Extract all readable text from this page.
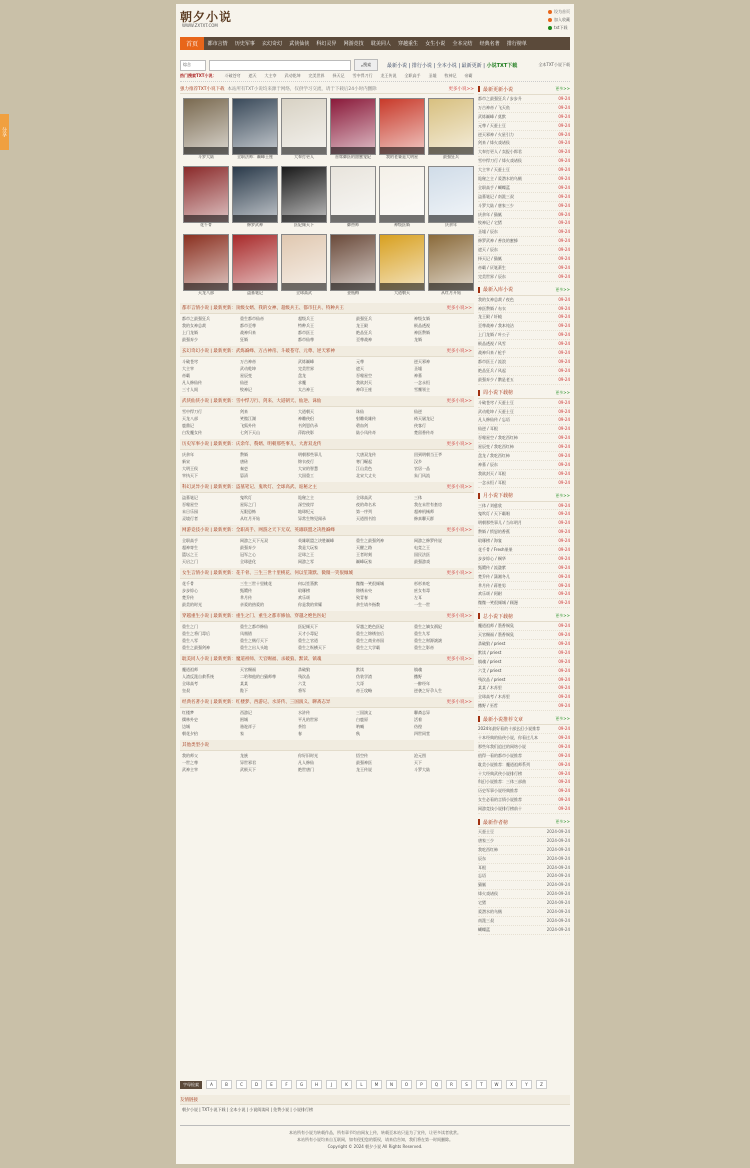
分享
朝夕小说
WWW.ZXTXT.COM
设为首页
加入收藏
txt下载
首页	都市言情	历史军事	玄幻奇幻	武侠仙侠	科幻灵异	网游竞技	耽美同人	穿越重生	女生小说	全本完结	经典名著	排行榜单
综合	⌕ 搜索	最新小说 | 排行小说 | 全本小说 | 最新更新 | 小说TXT下载	全本TXT小说下载
热门搜索TXT小说： 斗破苍穹 遮天 大主宰 武动乾坤 完美世界 择天记 雪中悍刀行 龙王传说 全职高手 圣墟 牧神记 帝霸
强力推荐TXT小说下载
本站所有TXT小说均来源于网络，仅供学习交流，请于下载后24小时内删除	更多小说>>
斗罗大陆	全职法师：巅峰王座	大奉打更人	首席御医的甜蜜宠妃	我的老婆是大明星	最强狂兵
花千骨	修罗武神	医妃倾天下	御兽师	神级医婿	庆余年
天龙八部	盗墓笔记	全球高武	金瓶梅	大道朝天	从红月开始
都市言情小说 | 最新更新：顶级女婿、我的女神、超级兵王、都市狂兵、特种兵王	更多小说>>
都市之最强狂兵	重生都市仙帝	超级兵王	最强狂兵	神级女婿
我的女神总裁	都市至尊	特种兵王	龙王殿	极品透视
上门龙婿	战神归来	都市医王	绝品狂兵	神医赘婿
最强弃少	狂婿	都市仙尊	至尊战神	龙婿
玄幻奇幻小说 | 最新更新：武炼巅峰、万古神帝、斗破苍穹、元尊、逆天邪神	更多小说>>
斗破苍穹	万古神帝	武炼巅峰	元尊	逆天邪神
大主宰	武动乾坤	完美世界	遮天	圣墟
帝霸	星辰变	盘龙	吞噬星空	神墓
凡人修仙传	仙逆	求魔	我欲封天	一念永恒
三寸人间	牧神记	太古神王	神印王座	雪鹰领主
武侠仙侠小说 | 最新更新：雪中悍刀行、剑来、大道朝天、仙逆、诛仙	更多小说>>
雪中悍刀行	剑来	大道朝天	诛仙	仙逆
天龙八部	笑傲江湖	神雕侠侣	射雕英雄传	倚天屠龙记
鹿鼎记	飞狐外传	书剑恩仇录	碧血剑	侠客行
白发魔女传	七剑下天山	萍踪侠影	陆小凤传奇	楚留香传奇
历史军事小说 | 最新更新：庆余年、赘婿、明朝那些事儿、大唐双龙传	更多小说>>
庆余年	赘婿	明朝那些事儿	大唐双龙传	回到明朝当王爷
新宋	唐砖	锦衣夜行	寒门崛起	汉乡
大明王侯	秦吏	大宋的智慧	江山美色	官居一品
宰执天下	篡清	大国重工	北宋大丈夫	朱门风流
科幻灵异小说 | 最新更新：盗墓笔记、鬼吹灯、全球高武、诡秘之主	更多小说>>
盗墓笔记	鬼吹灯	诡秘之主	全球高武	三体
吞噬星空	星际之门	深空彼岸	夜的命名术	我在末世有套房
末日乐园	无限恐怖	地球纪元	第一序列	超神机械师
灵境行者	从红月开始	异常生物见闻录	天道图书馆	修真聊天群
网游竞技小说 | 最新更新：全职高手、网游之天下无双、英雄联盟之决胜巅峰	更多小说>>
全职高手	网游之天下无双	英雄联盟之决胜巅峰	重生之最强剑神	网游之修罗传说
超神寄生	最强弃少	我是大玩家	天醒之路	电竞之王
篮坛之王	冠军之心	足球之王	王者时刻	国民法医
天启之门	全球进化	网游之零	巅峰玩家	最强游戏
女生言情小说 | 最新更新：花千骨、三生三世十里桃花、何以笙箫默、微微一笑很倾城	更多小说>>
花千骨	三生三世十里桃花	何以笙箫默	微微一笑很倾城	杉杉来吃
步步惊心	甄嬛传	琅琊榜	锦绣未央	庶女有毒
楚乔传	芈月传	欢乐颂	致青春	左耳
最美的时光	亲爱的热爱的	你是我的荣耀	余生请多指教	一生一世
穿越重生小说 | 最新更新：重生之门、重生之都市修仙、穿越之绝色医妃	更多小说>>
重生之门	重生之都市修仙	医妃倾天下	穿越之绝色医妃	重生之嫡女祸妃
重生之将门毒后	凤凰错	天才小毒妃	重生之锦绣皇后	重生九零
重生八零	重生之贼行天下	重生之官道	重生之商业帝国	重生之财源滚滚
重生之最强剑神	重生之出人头地	重生之纵横天下	重生之大学霸	重生之影帝
耽美同人小说 | 最新更新：魔道祖师、天官赐福、杀破狼、默读、镇魂	更多小说>>
魔道祖师	天官赐福	杀破狼	默读	镇魂
人渣反派自救系统	二哈和他的白猫师尊	残次品	伪装学渣	撒野
全球高考	某某	六爻	大哥	一醉经年
皇叔	陛下	将军	帝王攻略	逆袭之好孕人生
经典名著小说 | 最新更新：红楼梦、西游记、水浒传、三国演义、聊斋志异	更多小说>>
红楼梦	西游记	水浒传	三国演义	聊斋志异
儒林外史	围城	平凡的世界	白鹿原	活着
边城	骆驼祥子	茶馆	呐喊	彷徨
朝花夕拾	家	春	秋	四世同堂
其他类型小说
我的师父	龙族	你好旧时光	悟空传	沧元图
一世之尊	异世邪君	凡人修仙	最强神医	天下
武神主宰	武极天下	绝世唐门	龙王传说	斗罗大陆
最新更新小说	更多>>
都市之最强狂兵 / 步步升	09-24
万古神帝 / 飞天鱼	09-24
武炼巅峰 / 莫默	09-24
元尊 / 天蚕土豆	09-24
逆天邪神 / 火星引力	09-24
剑来 / 烽火戏诸侯	09-24
大奉打更人 / 卖报小郎君	09-24
雪中悍刀行 / 烽火戏诸侯	09-24
大主宰 / 天蚕土豆	09-24
诡秘之主 / 爱潜水的乌贼	09-24
全职高手 / 蝴蝶蓝	09-24
盗墓笔记 / 南派三叔	09-24
斗罗大陆 / 唐家三少	09-24
庆余年 / 猫腻	09-24
牧神记 / 宅猪	09-24
圣墟 / 辰东	09-24
修罗武神 / 善良的蜜蜂	09-24
遮天 / 辰东	09-24
择天记 / 猫腻	09-24
帝霸 / 厌笔萧生	09-24
完美世界 / 辰东	09-24
最新入库小说	更多>>
我的女神总裁 / 夜色	09-24
神医赘婿 / 布衣	09-24
龙王殿 / 轩辕	09-24
至尊战神 / 我本纯洁	09-24
上门龙婿 / 叶公子	09-24
极品透视 / 风雪	09-24
战神归来 / 枪手	09-24
都市医王 / 流浪	09-24
绝品狂兵 / 风起	09-24
最强弃少 / 鹅是老五	09-24
周小说下载榜	更多>>
斗破苍穹 / 天蚕土豆	09-24
武动乾坤 / 天蚕土豆	09-24
凡人修仙传 / 忘语	09-24
仙逆 / 耳根	09-24
吞噬星空 / 我吃西红柿	09-24
星辰变 / 我吃西红柿	09-24
盘龙 / 我吃西红柿	09-24
神墓 / 辰东	09-24
我欲封天 / 耳根	09-24
一念永恒 / 耳根	09-24
月小说下载榜	更多>>
三体 / 刘慈欣	09-24
鬼吹灯 / 天下霸唱	09-24
明朝那些事儿 / 当年明月	09-24
赘婿 / 愤怒的香蕉	09-24
琅琊榜 / 海宴	09-24
花千骨 / Fresh果果	09-24
步步惊心 / 桐华	09-24
甄嬛传 / 流潋紫	09-24
楚乔传 / 潇湘冬儿	09-24
芈月传 / 蒋胜男	09-24
欢乐颂 / 阿耐	09-24
微微一笑很倾城 / 顾漫	09-24
总小说下载榜	更多>>
魔道祖师 / 墨香铜臭	09-24
天官赐福 / 墨香铜臭	09-24
杀破狼 / priest	09-24
默读 / priest	09-24
镇魂 / priest	09-24
六爻 / priest	09-24
残次品 / priest	09-24
某某 / 木苏里	09-24
全球高考 / 木苏里	09-24
撒野 / 巫哲	09-24
最新小说推荐文章	更多>>
2024年最好看的十部玄幻小说推荐	09-24
十本经典的仙侠小说，你看过几本	09-24
那些年我们追过的网络小说	09-24
值得一看的都市小说推荐	09-24
耽美小说推荐：魔道祖师系列	09-24
十大经典武侠小说排行榜	09-24
科幻小说推荐：三体三部曲	09-24
历史军事小说经典推荐	09-24
女生必看的言情小说推荐	09-24
网游竞技小说排行榜前十	09-24
最新作者榜	更多>>
天蚕土豆	2024-09-24
唐家三少	2024-09-24
我吃西红柿	2024-09-24
辰东	2024-09-24
耳根	2024-09-24
忘语	2024-09-24
猫腻	2024-09-24
烽火戏诸侯	2024-09-24
宅猪	2024-09-24
爱潜水的乌贼	2024-09-24
南派三叔	2024-09-24
蝴蝶蓝	2024-09-24
字母检索	A	B	C	D	E	F	G	H	J	K	L	M	N	O	P	Q	R	S	T	W	X	Y	Z
友情链接
朝夕小说 | TXT小说下载 | 全本小说 | 小说阅读网 | 免费小说 | 小说排行榜
本站所有小说为转载作品，所有章节均由网友上传，转载至本站只是为了宣传，让更多读者欣赏。
本站所有小说均来自互联网，如有侵犯您的版权，请来信告知，我们将在第一时间删除。
Copyright © 2024 朝夕小说 All Rights Reserved.
